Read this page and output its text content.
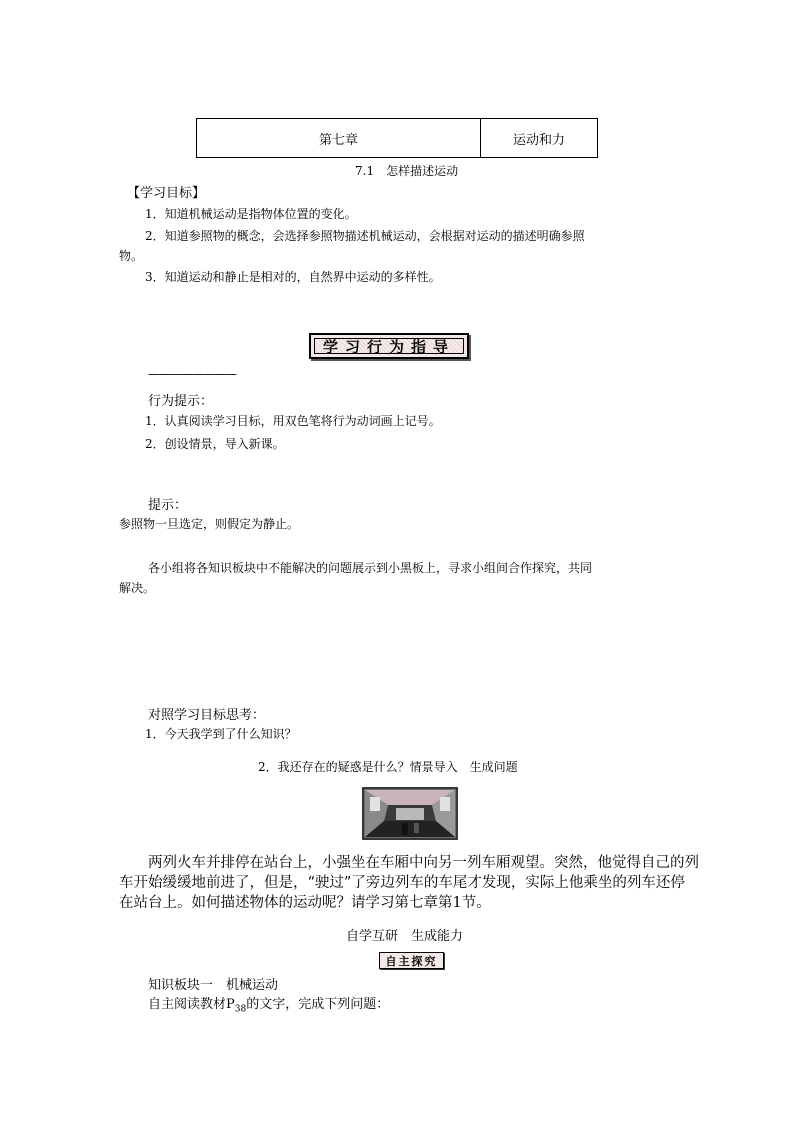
第七章	运动和力
7.1　怎样描述运动
【学习目标】
1．知道机械运动是指物体位置的变化。
2．知道参照物的概念，会选择参照物描述机械运动，会根据对运动的描述明确参照
物。
3．知道运动和静止是相对的，自然界中运动的多样性。
学习行为指导
————————
行为提示：
1．认真阅读学习目标，用双色笔将行为动词画上记号。
2．创设情景，导入新课。
提示：
参照物一旦选定，则假定为静止。
各小组将各知识板块中不能解决的问题展示到小黑板上，寻求小组间合作探究，共同
解决。
对照学习目标思考：
1．今天我学到了什么知识？
2．我还存在的疑惑是什么？情景导入　生成问题
两列火车并排停在站台上，小强坐在车厢中向另一列车厢观望。突然，他觉得自己的列
车开始缓缓地前进了，但是，“驶过”了旁边列车的车尾才发现，实际上他乘坐的列车还停
在站台上。如何描述物体的运动呢？请学习第七章第1节。
自学互研　生成能力
自主探究
知识板块一　机械运动
自主阅读教材$P_{38}$的文字，完成下列问题：
